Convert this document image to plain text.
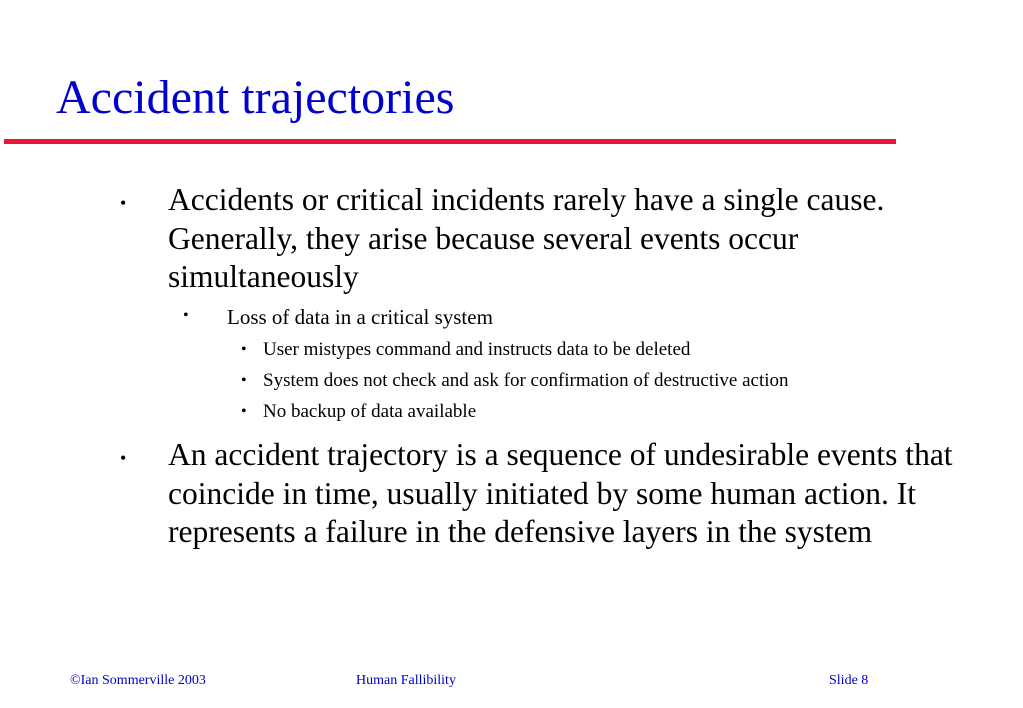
Accident trajectories
• Accidents or critical incidents rarely have a single cause. Generally, they arise because several events occur simultaneously
• Loss of data in a critical system
• User mistypes command and instructs data to be deleted
• System does not check and ask for confirmation of destructive action
• No backup of data available
• An accident trajectory is a sequence of undesirable events that coincide in time, usually initiated by some human action. It represents a failure in the defensive layers in the system
©Ian Sommerville 2003	Human Fallibility	Slide 8
